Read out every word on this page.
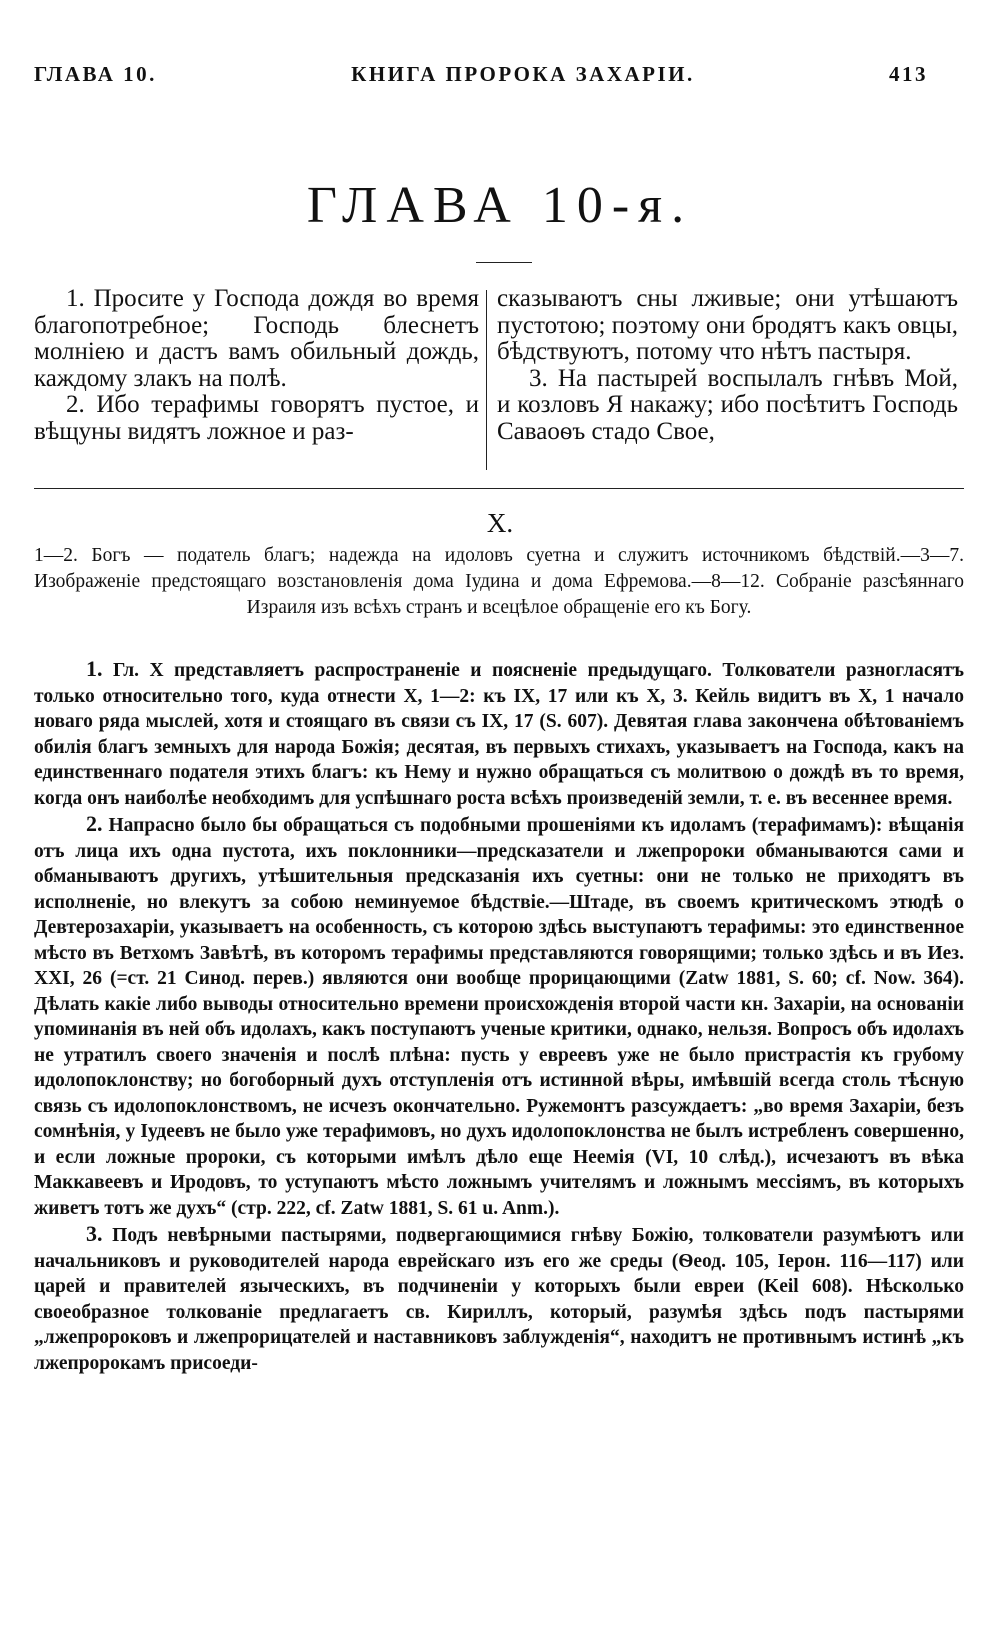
ГЛАВА 10.	КНИГА ПРОРОКА ЗАХАРІИ.	413
ГЛАВА 10-я.

1. Просите у Господа дождя во время благопотребное; Господь блеснетъ молніею и дастъ вамъ обильный дождь, каждому злакъ на полѣ.

2. Ибо терафимы говорятъ пустое, и вѣщуны видятъ ложное и раз-

сказываютъ сны лживые; они утѣшаютъ пустотою; поэтому они бродятъ какъ овцы, бѣдствуютъ, потому что нѣтъ пастыря.

3. На пастырей воспылалъ гнѣвъ Мой, и козловъ Я накажу; ибо посѣтитъ Господь Саваоѳъ стадо Свое,

X.

1—2. Богъ — податель благъ; надежда на идоловъ суетна и служитъ источникомъ бѣдствій.—3—7. Изображеніе предстоящаго возстановленія дома Іудина и дома Ефремова.—8—12. Собраніе разсѣяннаго Израиля изъ всѣхъ странъ и всецѣлое обращеніе его къ Богу.

1. Гл. X представляетъ распространеніе и поясненіе предыдущаго. Толкователи разногласятъ только относительно того, куда отнести X, 1—2: къ IX, 17 или къ X, 3. Кейль видитъ въ X, 1 начало новаго ряда мыслей, хотя и стоящаго въ связи съ IX, 17 (S. 607). Девятая глава закончена обѣтованіемъ обилія благъ земныхъ для народа Божія; десятая, въ первыхъ стихахъ, указываетъ на Господа, какъ на единственнаго подателя этихъ благъ: къ Нему и нужно обращаться съ молитвою о дождѣ въ то время, когда онъ наиболѣе необходимъ для успѣшнаго роста всѣхъ произведеній земли, т. е. въ весеннее время.

2. Напрасно было бы обращаться съ подобными прошеніями къ идоламъ (терафимамъ): вѣщанія отъ лица ихъ одна пустота, ихъ поклонники—предсказатели и лжепророки обманываются сами и обманываютъ другихъ, утѣшительныя предсказанія ихъ суетны: они не только не приходятъ въ исполненіе, но влекутъ за собою неминуемое бѣдствіе.—Штаде, въ своемъ критическомъ этюдѣ о Девтерозахаріи, указываетъ на особенность, съ которою здѣсь выступаютъ терафимы: это единственное мѣсто въ Ветхомъ Завѣтѣ, въ которомъ терафимы представляются говорящими; только здѣсь и въ Иез. XXI, 26 (=ст. 21 Синод. перев.) являются они вообще прорицающими (Zatw 1881, S. 60; cf. Now. 364). Дѣлать какіе либо выводы относительно времени происхожденія второй части кн. Захаріи, на основаніи упоминанія въ ней объ идолахъ, какъ поступаютъ ученые критики, однако, нельзя. Вопросъ объ идолахъ не утратилъ своего значенія и послѣ плѣна: пусть у евреевъ уже не было пристрастія къ грубому идолопоклонству; но богоборный духъ отступленія отъ истинной вѣры, имѣвшій всегда столь тѣсную связь съ идолопоклонствомъ, не исчезъ окончательно. Ружемонтъ разсуждаетъ: „во время Захаріи, безъ сомнѣнія, у Іудеевъ не было уже терафимовъ, но духъ идолопоклонства не былъ истребленъ совершенно, и если ложные пророки, съ которыми имѣлъ дѣло еще Неемія (VI, 10 слѣд.), исчезаютъ въ вѣка Маккавеевъ и Иродовъ, то уступаютъ мѣсто ложнымъ учителямъ и ложнымъ мессіямъ, въ которыхъ живетъ тотъ же духъ“ (стр. 222, cf. Zatw 1881, S. 61 u. Anm.).

3. Подъ невѣрными пастырями, подвергающимися гнѣву Божію, толкователи разумѣютъ или начальниковъ и руководителей народа еврейскаго изъ его же среды (Ѳеод. 105, Іерон. 116—117) или царей и правителей языческихъ, въ подчиненіи у которыхъ были евреи (Keil 608). Нѣсколько своеобразное толкованіе предлагаетъ св. Кириллъ, который, разумѣя здѣсь подъ пастырями „лжепророковъ и лжепрорицателей и наставниковъ заблужденія“, находитъ не противнымъ истинѣ „къ лжепророкамъ присоеди-
